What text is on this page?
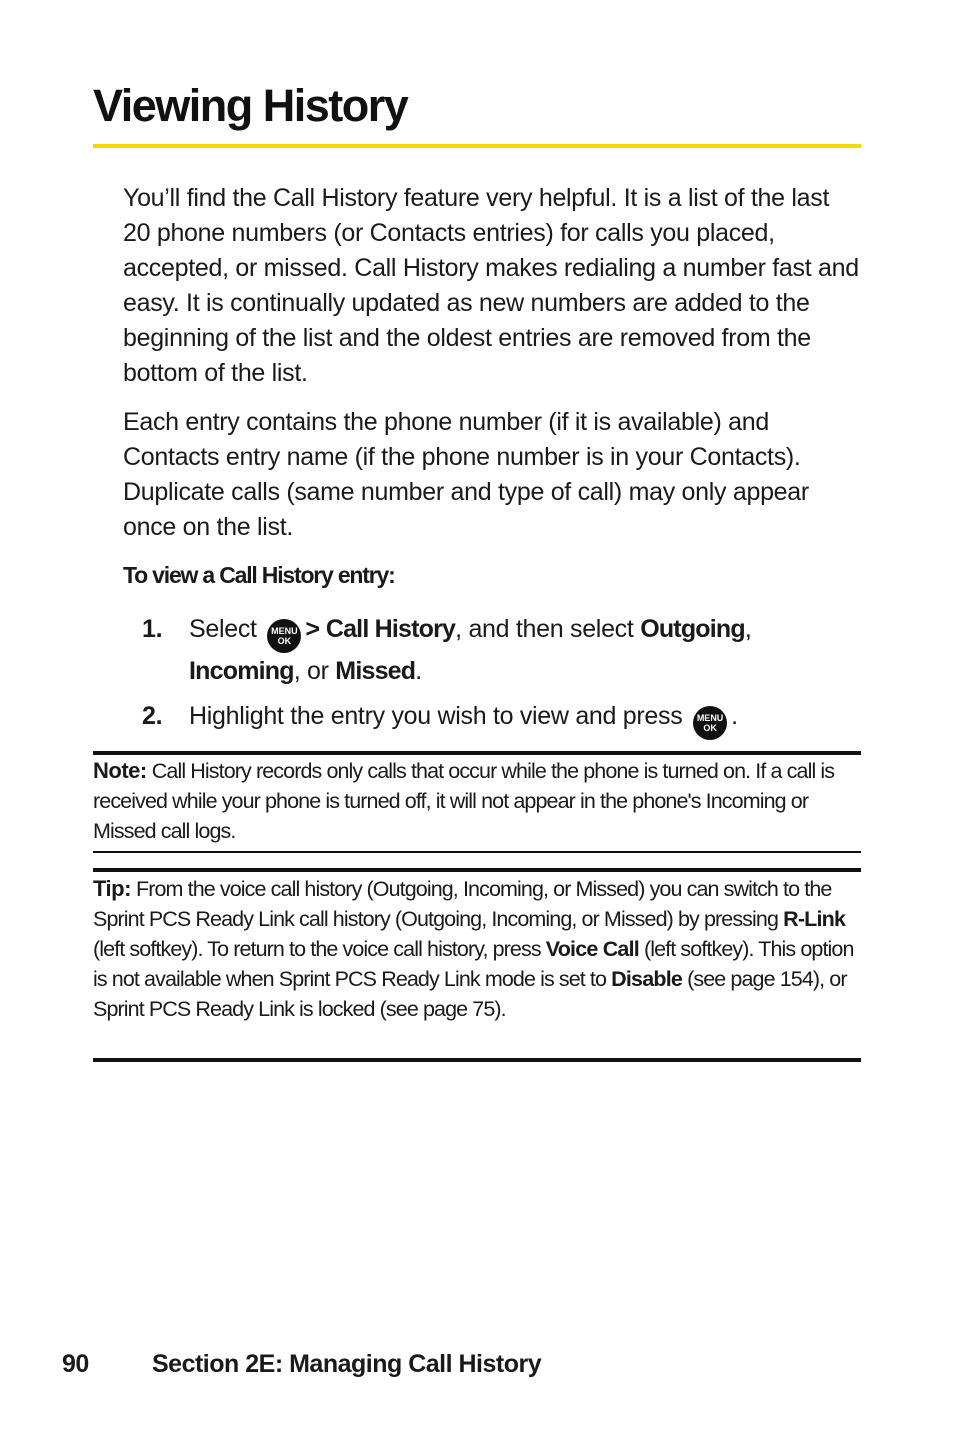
Viewing History

You’ll find the Call History feature very helpful. It is a list of the last 20 phone numbers (or Contacts entries) for calls you placed, accepted, or missed. Call History makes redialing a number fast and easy. It is continually updated as new numbers are added to the beginning of the list and the oldest entries are removed from the bottom of the list.

Each entry contains the phone number (if it is available) and Contacts entry name (if the phone number is in your Contacts). Duplicate calls (same number and type of call) may only appear once on the list.

To view a Call History entry:

1. Select	MENU
OK > Call History, and then select Outgoing,
Incoming, or Missed.
2. Highlight the entry you wish to view and press	MENU
OK .

Note: Call History records only calls that occur while the phone is turned on. If a call is received while your phone is turned off, it will not appear in the phone's Incoming or Missed call logs.

Tip: From the voice call history (Outgoing, Incoming, or Missed) you can switch to the Sprint PCS Ready Link call history (Outgoing, Incoming, or Missed) by pressing R-Link (left softkey). To return to the voice call history, press Voice Call (left softkey). This option is not available when Sprint PCS Ready Link mode is set to Disable (see page 154), or Sprint PCS Ready Link is locked (see page 75).

90	Section 2E: Managing Call History
